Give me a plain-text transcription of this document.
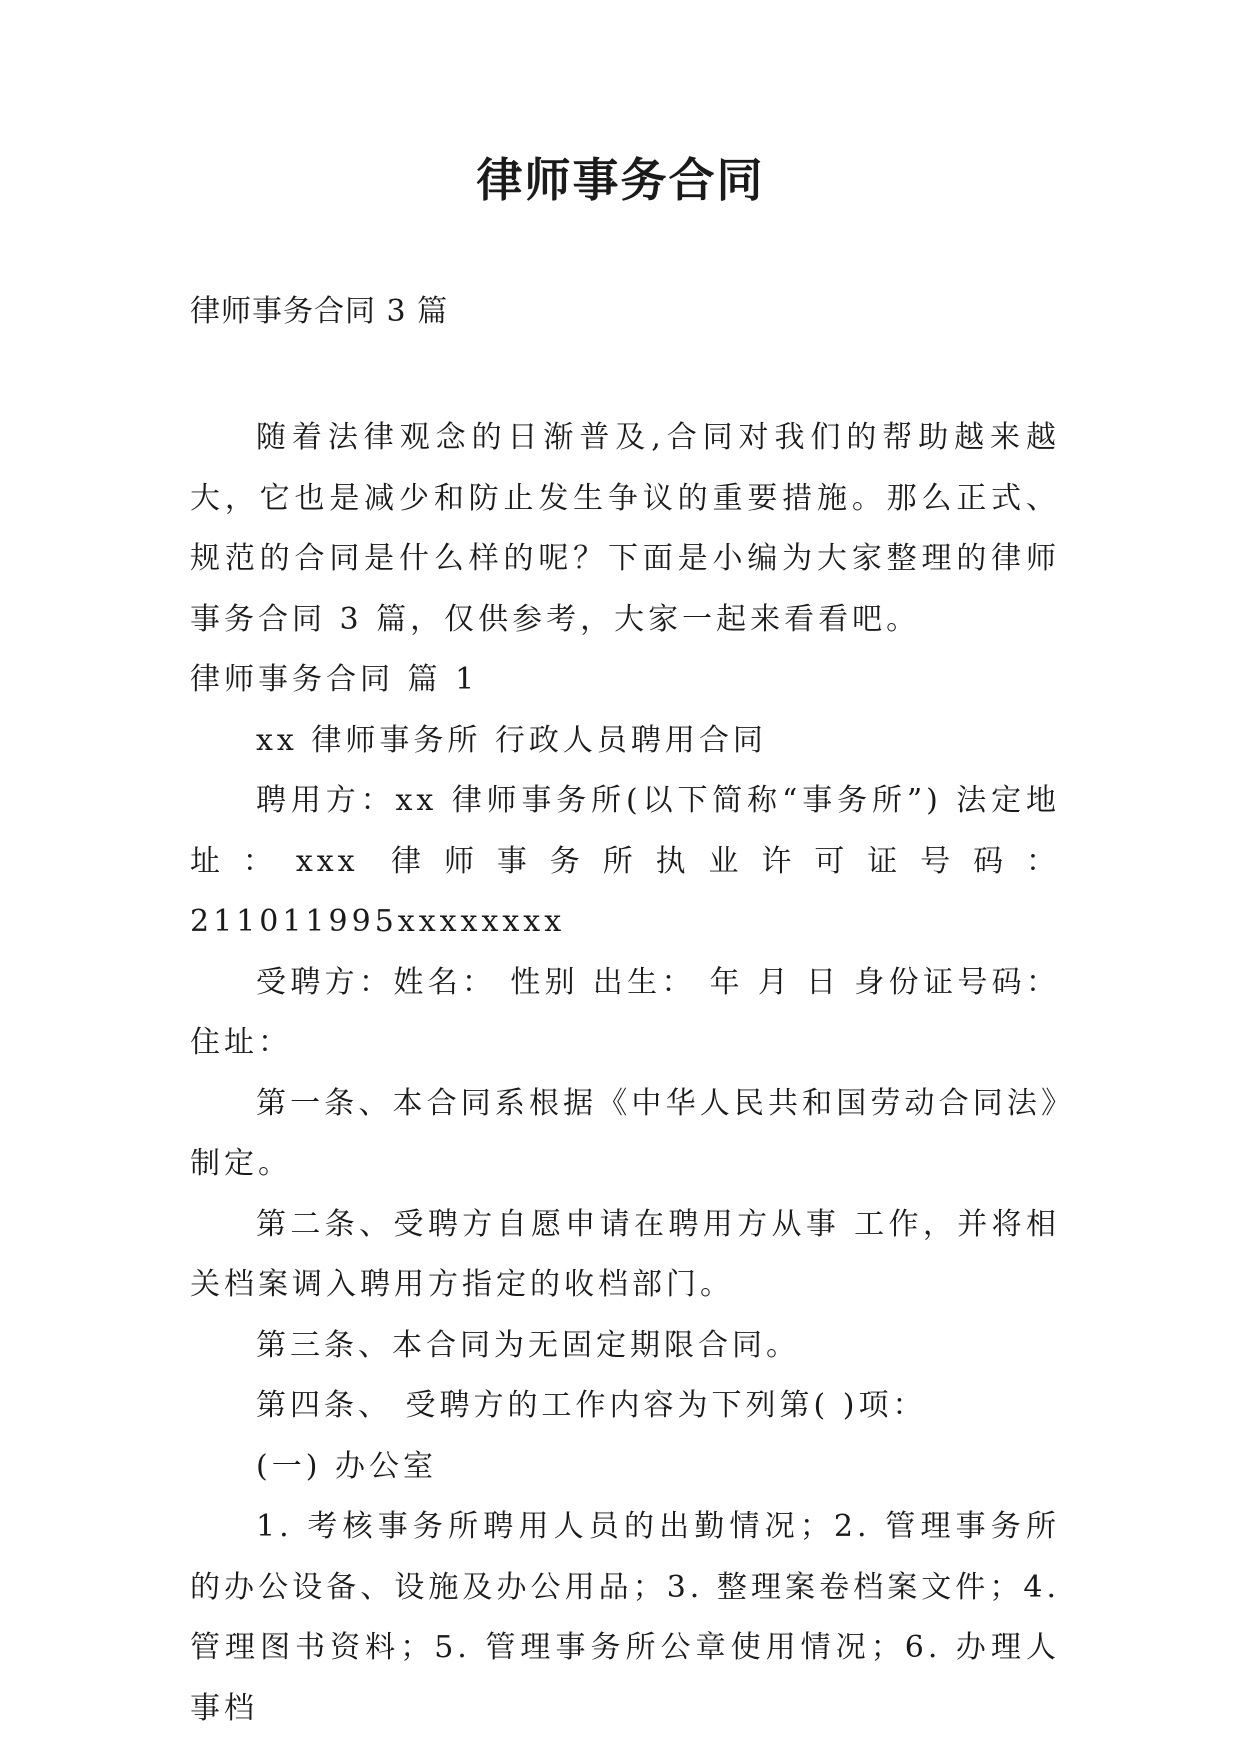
律师事务合同
律师事务合同 3 篇

随着法律观念的日渐普及,合同对我们的帮助越来越大，它也是减少和防止发生争议的重要措施。那么正式、规范的合同是什么样的呢？下面是小编为大家整理的律师事务合同 3 篇，仅供参考，大家一起来看看吧。

律师事务合同 篇 1

xx 律师事务所 行政人员聘用合同

聘用方：xx 律师事务所(以下简称“事务所”) 法定地址：xxx 律师事务所执业许可证号码：211011995xxxxxxxx

受聘方：姓名： 性别 出生： 年 月 日 身份证号码：住址：

第一条、本合同系根据《中华人民共和国劳动合同法》制定。

第二条、受聘方自愿申请在聘用方从事 工作，并将相关档案调入聘用方指定的收档部门。

第三条、本合同为无固定期限合同。

第四条、 受聘方的工作内容为下列第( )项：

(一) 办公室

1. 考核事务所聘用人员的出勤情况；2. 管理事务所的办公设备、设施及办公用品；3. 整理案卷档案文件；4. 管理图书资料；5. 管理事务所公章使用情况；6. 办理人事档
